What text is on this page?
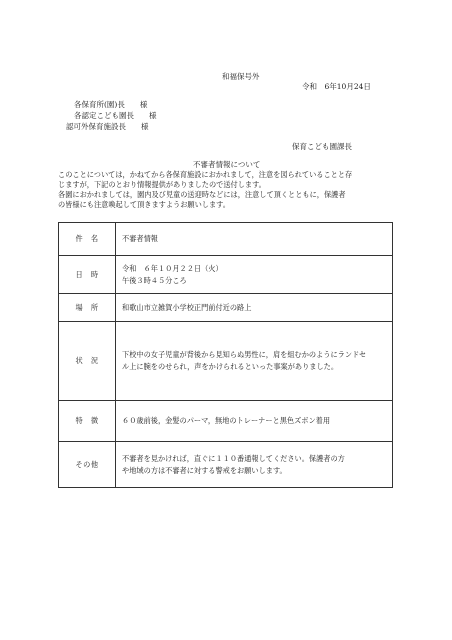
和福保号外
令和　6年10月24日
各保育所(園)長　　様
各認定こども園長　　様
認可外保育施設長　　様
保育こども園課長
不審者情報について
このことについては，かねてから各保育施設におかれまして，注意を図られていることと存
じますが，下記のとおり情報提供がありましたので送付します。
各園におかれましては，園内及び児童の送迎時などには，注意して頂くとともに，保護者
の皆様にも注意喚起して頂きますようお願いします。
件　名	不審者情報

日　時	令和　６年１０月２２日（火）
午後３時４５分ころ

場　所	和歌山市立雑賀小学校正門前付近の路上

状　況	下校中の女子児童が背後から見知らぬ男性に，肩を組むかのようにランドセ
ル上に腕をのせられ，声をかけられるといった事案がありました。

特　徴	６０歳前後，金髪のパーマ，無地のトレーナーと黒色ズボン着用

その他	不審者を見かければ，直ぐに１１０番通報してください。保護者の方
や地域の方は不審者に対する警戒をお願いします。
